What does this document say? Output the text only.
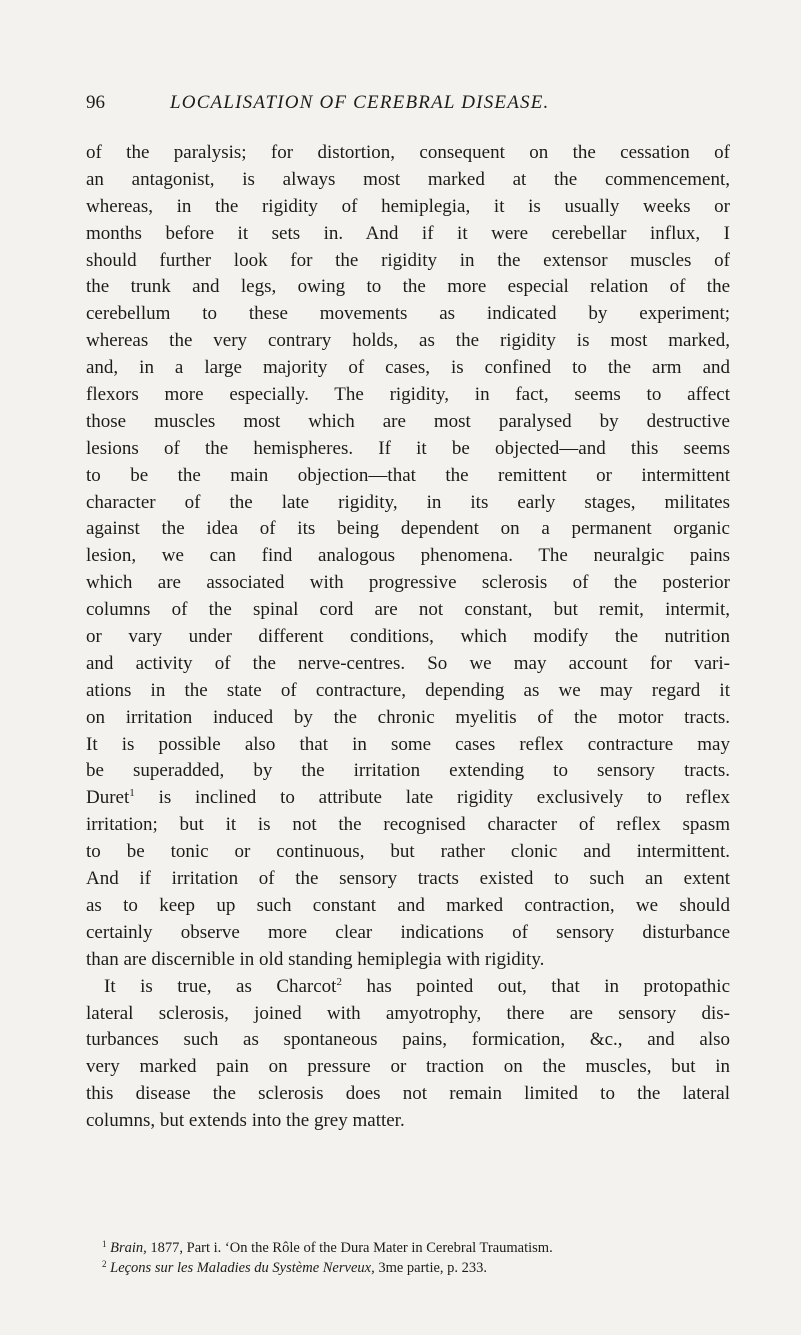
96	LOCALISATION OF CEREBRAL DISEASE.
of the paralysis; for distortion, consequent on the cessation of
an antagonist, is always most marked at the commencement,
whereas, in the rigidity of hemiplegia, it is usually weeks or
months before it sets in. And if it were cerebellar influx, I
should further look for the rigidity in the extensor muscles of
the trunk and legs, owing to the more especial relation of the
cerebellum to these movements as indicated by experiment;
whereas the very contrary holds, as the rigidity is most marked,
and, in a large majority of cases, is confined to the arm and
flexors more especially. The rigidity, in fact, seems to affect
those muscles most which are most paralysed by destructive
lesions of the hemispheres. If it be objected—and this seems
to be the main objection—that the remittent or intermittent
character of the late rigidity, in its early stages, militates
against the idea of its being dependent on a permanent organic
lesion, we can find analogous phenomena. The neuralgic pains
which are associated with progressive sclerosis of the posterior
columns of the spinal cord are not constant, but remit, intermit,
or vary under different conditions, which modify the nutrition
and activity of the nerve-centres. So we may account for vari-
ations in the state of contracture, depending as we may regard it
on irritation induced by the chronic myelitis of the motor tracts.
It is possible also that in some cases reflex contracture may
be superadded, by the irritation extending to sensory tracts.
Duret$^1$ is inclined to attribute late rigidity exclusively to reflex
irritation; but it is not the recognised character of reflex spasm
to be tonic or continuous, but rather clonic and intermittent.
And if irritation of the sensory tracts existed to such an extent
as to keep up such constant and marked contraction, we should
certainly observe more clear indications of sensory disturbance
than are discernible in old standing hemiplegia with rigidity.
It is true, as Charcot$^2$ has pointed out, that in protopathic
lateral sclerosis, joined with amyotrophy, there are sensory dis-
turbances such as spontaneous pains, formication, &c., and also
very marked pain on pressure or traction on the muscles, but in
this disease the sclerosis does not remain limited to the lateral
columns, but extends into the grey matter.
$^1$ Brain, 1877, Part i. ‘On the Rôle of the Dura Mater in Cerebral Traumatism.
$^2$ Leçons sur les Maladies du Système Nerveux, 3me partie, p. 233.
